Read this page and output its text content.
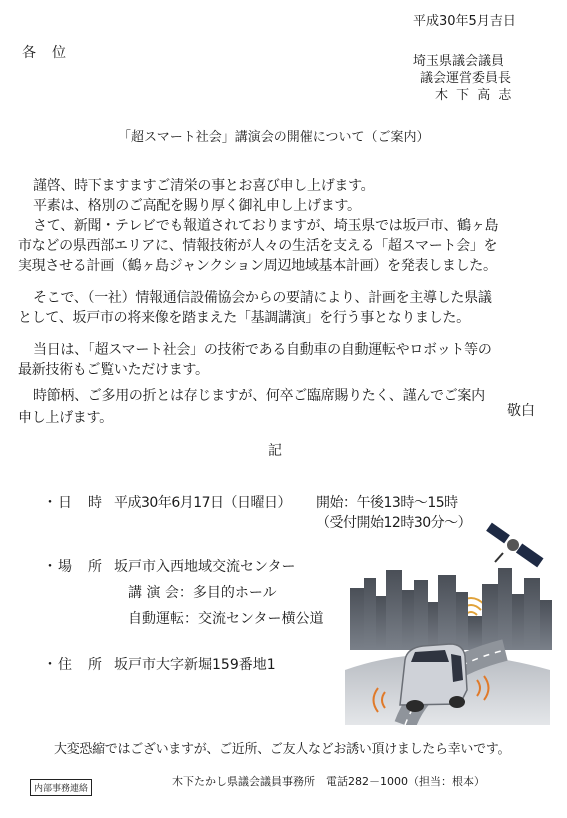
平成30年5月吉日
各　位
埼玉県議会議員
議会運営委員長
木 下 高 志
「超スマート社会」講演会の開催について（ご案内）
謹啓、時下ますますご清栄の事とお喜び申し上げます。
平素は、格別のご高配を賜り厚く御礼申し上げます。
さて、新聞・テレビでも報道されておりますが、埼玉県では坂戸市、鶴ヶ島
市などの県西部エリアに、情報技術が人々の生活を支える「超スマート会」を
実現させる計画（鶴ヶ島ジャンクション周辺地域基本計画）を発表しました。
そこで、（一社）情報通信設備協会からの要請により、計画を主導した県議
として、坂戸市の将来像を踏まえた「基調講演」を行う事となりました。
当日は、「超スマート社会」の技術である自動車の自動運転やロボット等の
最新技術もご覧いただけます。
時節柄、ご多用の折とは存じますが、何卒ご臨席賜りたく、謹んでご案内
敬白
申し上げます。
記
・日　時 平成30年6月17日（日曜日） 開始：午後13時～15時
（受付開始12時30分～）
・場　所 坂戸市入西地域交流センター
講 演 会：多目的ホール
自動運転：交流センター横公道
・住　所 坂戸市大字新堀159番地1
大変恐縮ではございますが、ご近所、ご友人などお誘い頂けましたら幸いです。
内部事務連絡
木下たかし県議会議員事務所　電話282－1000（担当：根本）
